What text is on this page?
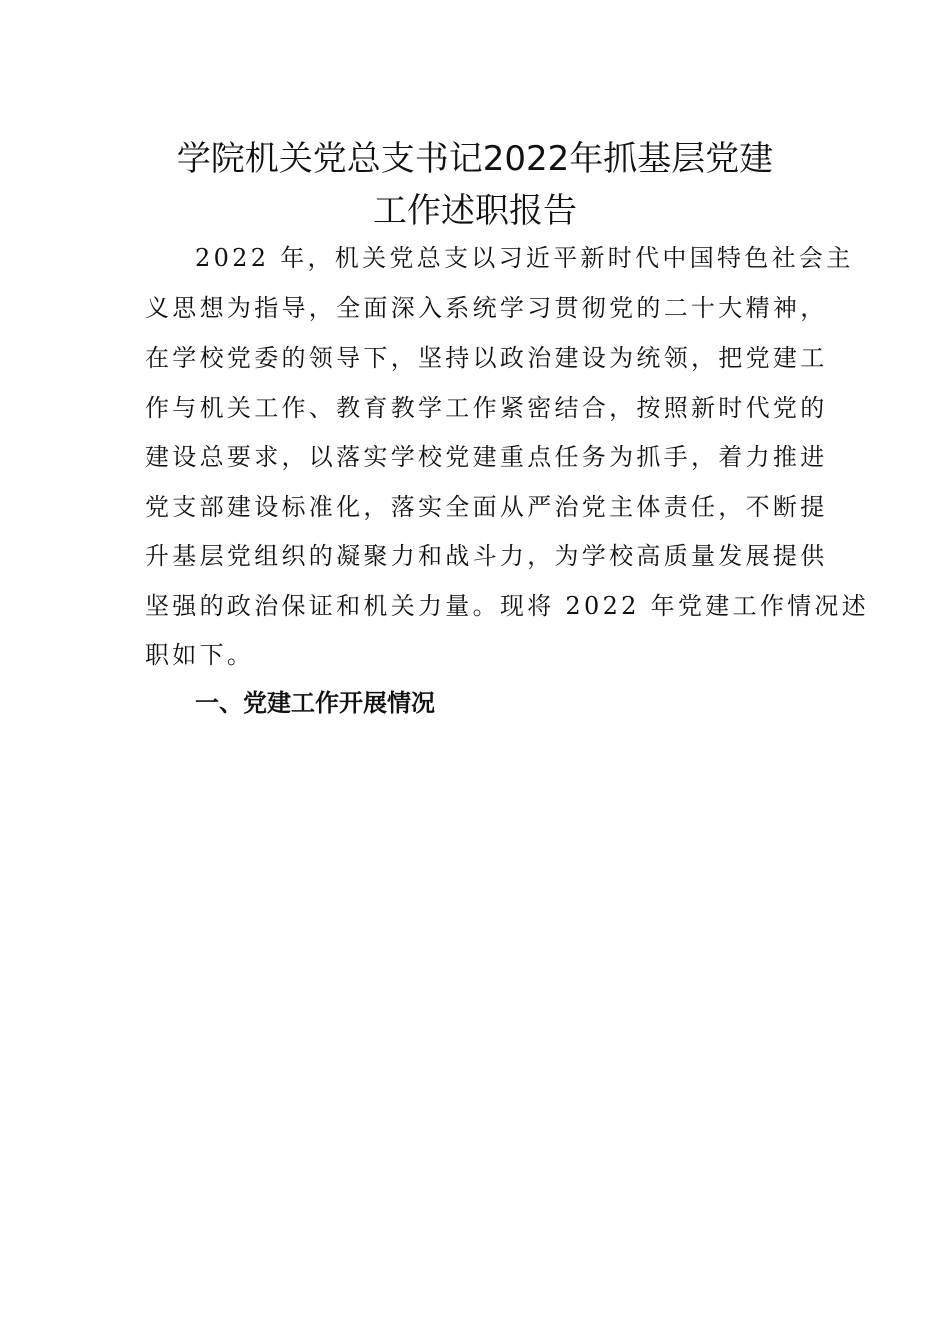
学院机关党总支书记2022年抓基层党建
工作述职报告

2022 年，机关党总支以习近平新时代中国特色社会主

义思想为指导，全面深入系统学习贯彻党的二十大精神，

在学校党委的领导下，坚持以政治建设为统领，把党建工

作与机关工作、教育教学工作紧密结合，按照新时代党的

建设总要求，以落实学校党建重点任务为抓手，着力推进

党支部建设标准化，落实全面从严治党主体责任，不断提

升基层党组织的凝聚力和战斗力，为学校高质量发展提供

坚强的政治保证和机关力量。现将 2022 年党建工作情况述

职如下。

一、党建工作开展情况
